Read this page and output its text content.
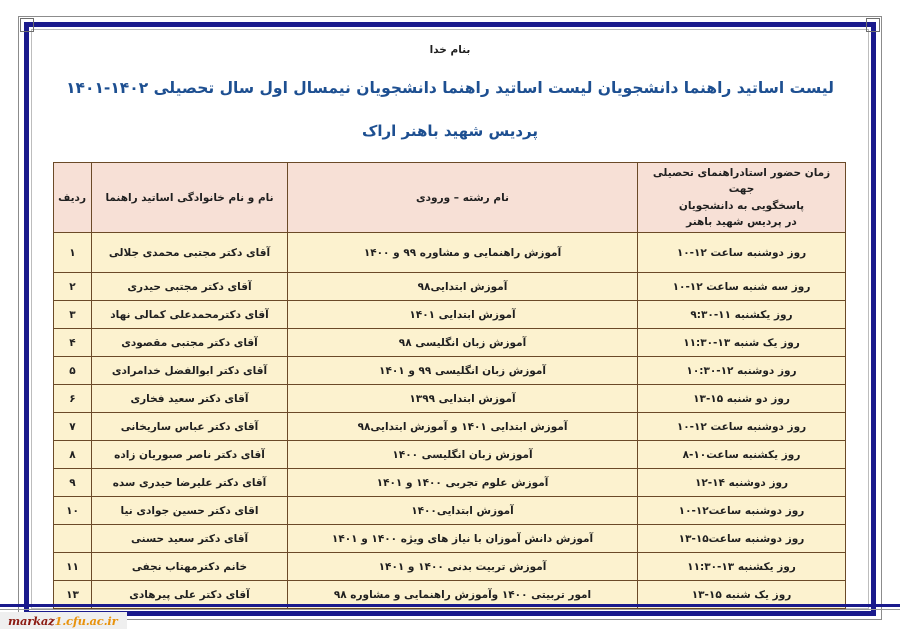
بنام خدا
لیست اساتید راهنما دانشجویان لیست اساتید راهنما دانشجویان نیمسال اول سال تحصیلی ۱۴۰۲-۱۴۰۱
پردیس شهید باهنر اراک
زمان حضور استادراهنمای تحصیلی جهت
پاسخگویی به دانشجویان
در پردیس شهید باهنر	نام رشته – ورودی	نام و نام خانوادگی اساتید راهنما	ردیف
روز دوشنبه ساعت ۱۲-۱۰	آموزش راهنمایی و مشاوره ۹۹ و ۱۴۰۰	آقای دکتر مجتبی محمدی جلالی	١
روز سه شنبه ساعت ۱۲-۱۰	آموزش ابتدایی۹۸	آقای دکتر مجتبی حیدری	٢
روز یکشنبه ۱۱-۹:۳۰	آموزش ابتدایی ۱۴۰۱	آقای دکترمحمدعلی کمالی نهاد	٣
روز یک شنبه ۱۳-۱۱:۳۰	آموزش زبان انگلیسی ۹۸	آقای دکتر مجتبی مقصودی	۴
روز دوشنبه ۱۲-۱۰:۳۰	آموزش زبان انگلیسی ۹۹ و ۱۴۰۱	آقای دکتر ابوالفضل خدامرادی	۵
روز دو شنبه ۱۵-۱۳	آموزش ابتدایی ۱۳۹۹	آقای دکتر سعید فخاری	۶
روز دوشنبه ساعت ۱۲-۱۰	آموزش ابتدایی ۱۴۰۱ و آموزش ابتدایی۹۸	آقای دکتر عباس ساریخانی	٧
روز یکشنبه ساعت۱۰-۸	آموزش زبان انگلیسی ۱۴۰۰	آقای دکتر ناصر صبوریان زاده	٨
روز دوشنبه ۱۴-۱۲	آموزش علوم تجربی ۱۴۰۰ و ۱۴۰۱	آقای دکتر علیرضا حیدری سده	٩
روز دوشنبه ساعت۱۲-۱۰	آموزش ابتدایی۱۴۰۰	اقای دکتر حسین جوادی نیا	١٠
روز دوشنبه ساعت۱۵-۱۳	آموزش دانش آموزان با نیاز های ویژه ۱۴۰۰ و ۱۴۰۱	آقای دکتر سعید حسنی	
روز یکشنبه ۱۳-۱۱:۳۰	آموزش تربیت بدنی ۱۴۰۰ و ۱۴۰۱	خانم دکترمهتاب نجفی	١١
روز یک شنبه ۱۵-۱۳	امور تربیتی ۱۴۰۰ وآموزش راهنمایی و مشاوره ۹۸	آقای دکتر علی پیرهادی	١٣
markaz 1.cfu.ac.ir
